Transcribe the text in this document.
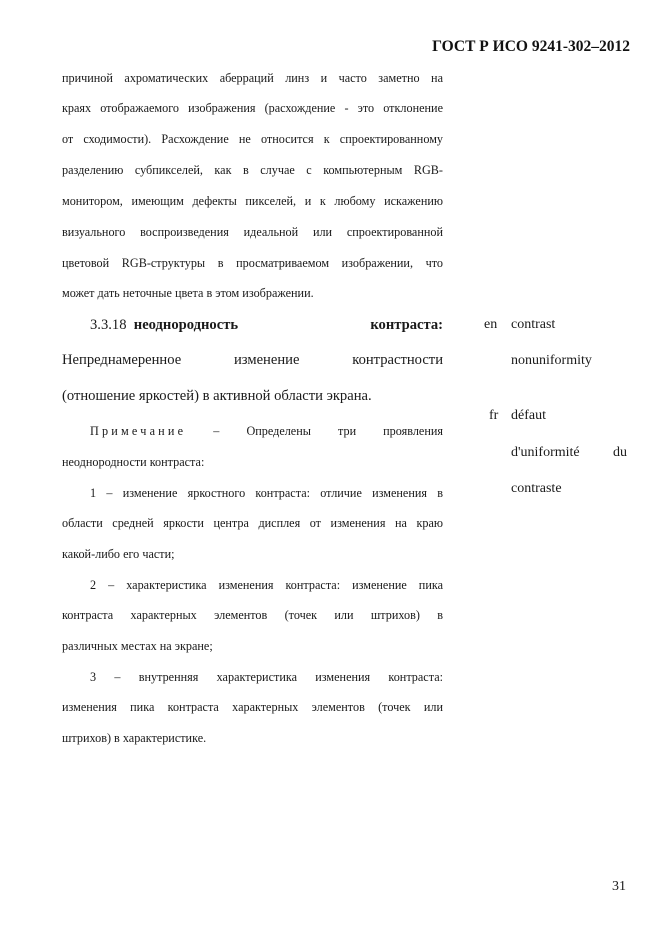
ГОСТ Р ИСО 9241-302–2012
причиной ахроматических аберраций линз и часто заметно на
краях отображаемого изображения (расхождение - это отклонение
от сходимости). Расхождение не относится к спроектированному
разделению субпикселей, как в случае с компьютерным RGB-
монитором, имеющим дефекты пикселей, и к любому искажению
визуального воспроизведения идеальной или спроектированной
цветовой RGB-структуры в просматриваемом изображении, что
может дать неточные цвета в этом изображении.
3.3.18 неоднородность	контраста:
Непреднамеренное изменение контрастности
(отношение яркостей) в активной области экрана.
en contrast
nonuniformity
fr défaut
d'uniformité du
contraste
Примечание – Определены три проявления
неоднородности контраста:
1 – изменение яркостного контраста: отличие изменения в
области средней яркости центра дисплея от изменения на краю
какой-либо его части;
2 – характеристика изменения контраста: изменение пика
контраста характерных элементов (точек или штрихов) в
различных местах на экране;
3 – внутренняя характеристика изменения контраста:
изменения пика контраста характерных элементов (точек или
штрихов) в характеристике.
31
